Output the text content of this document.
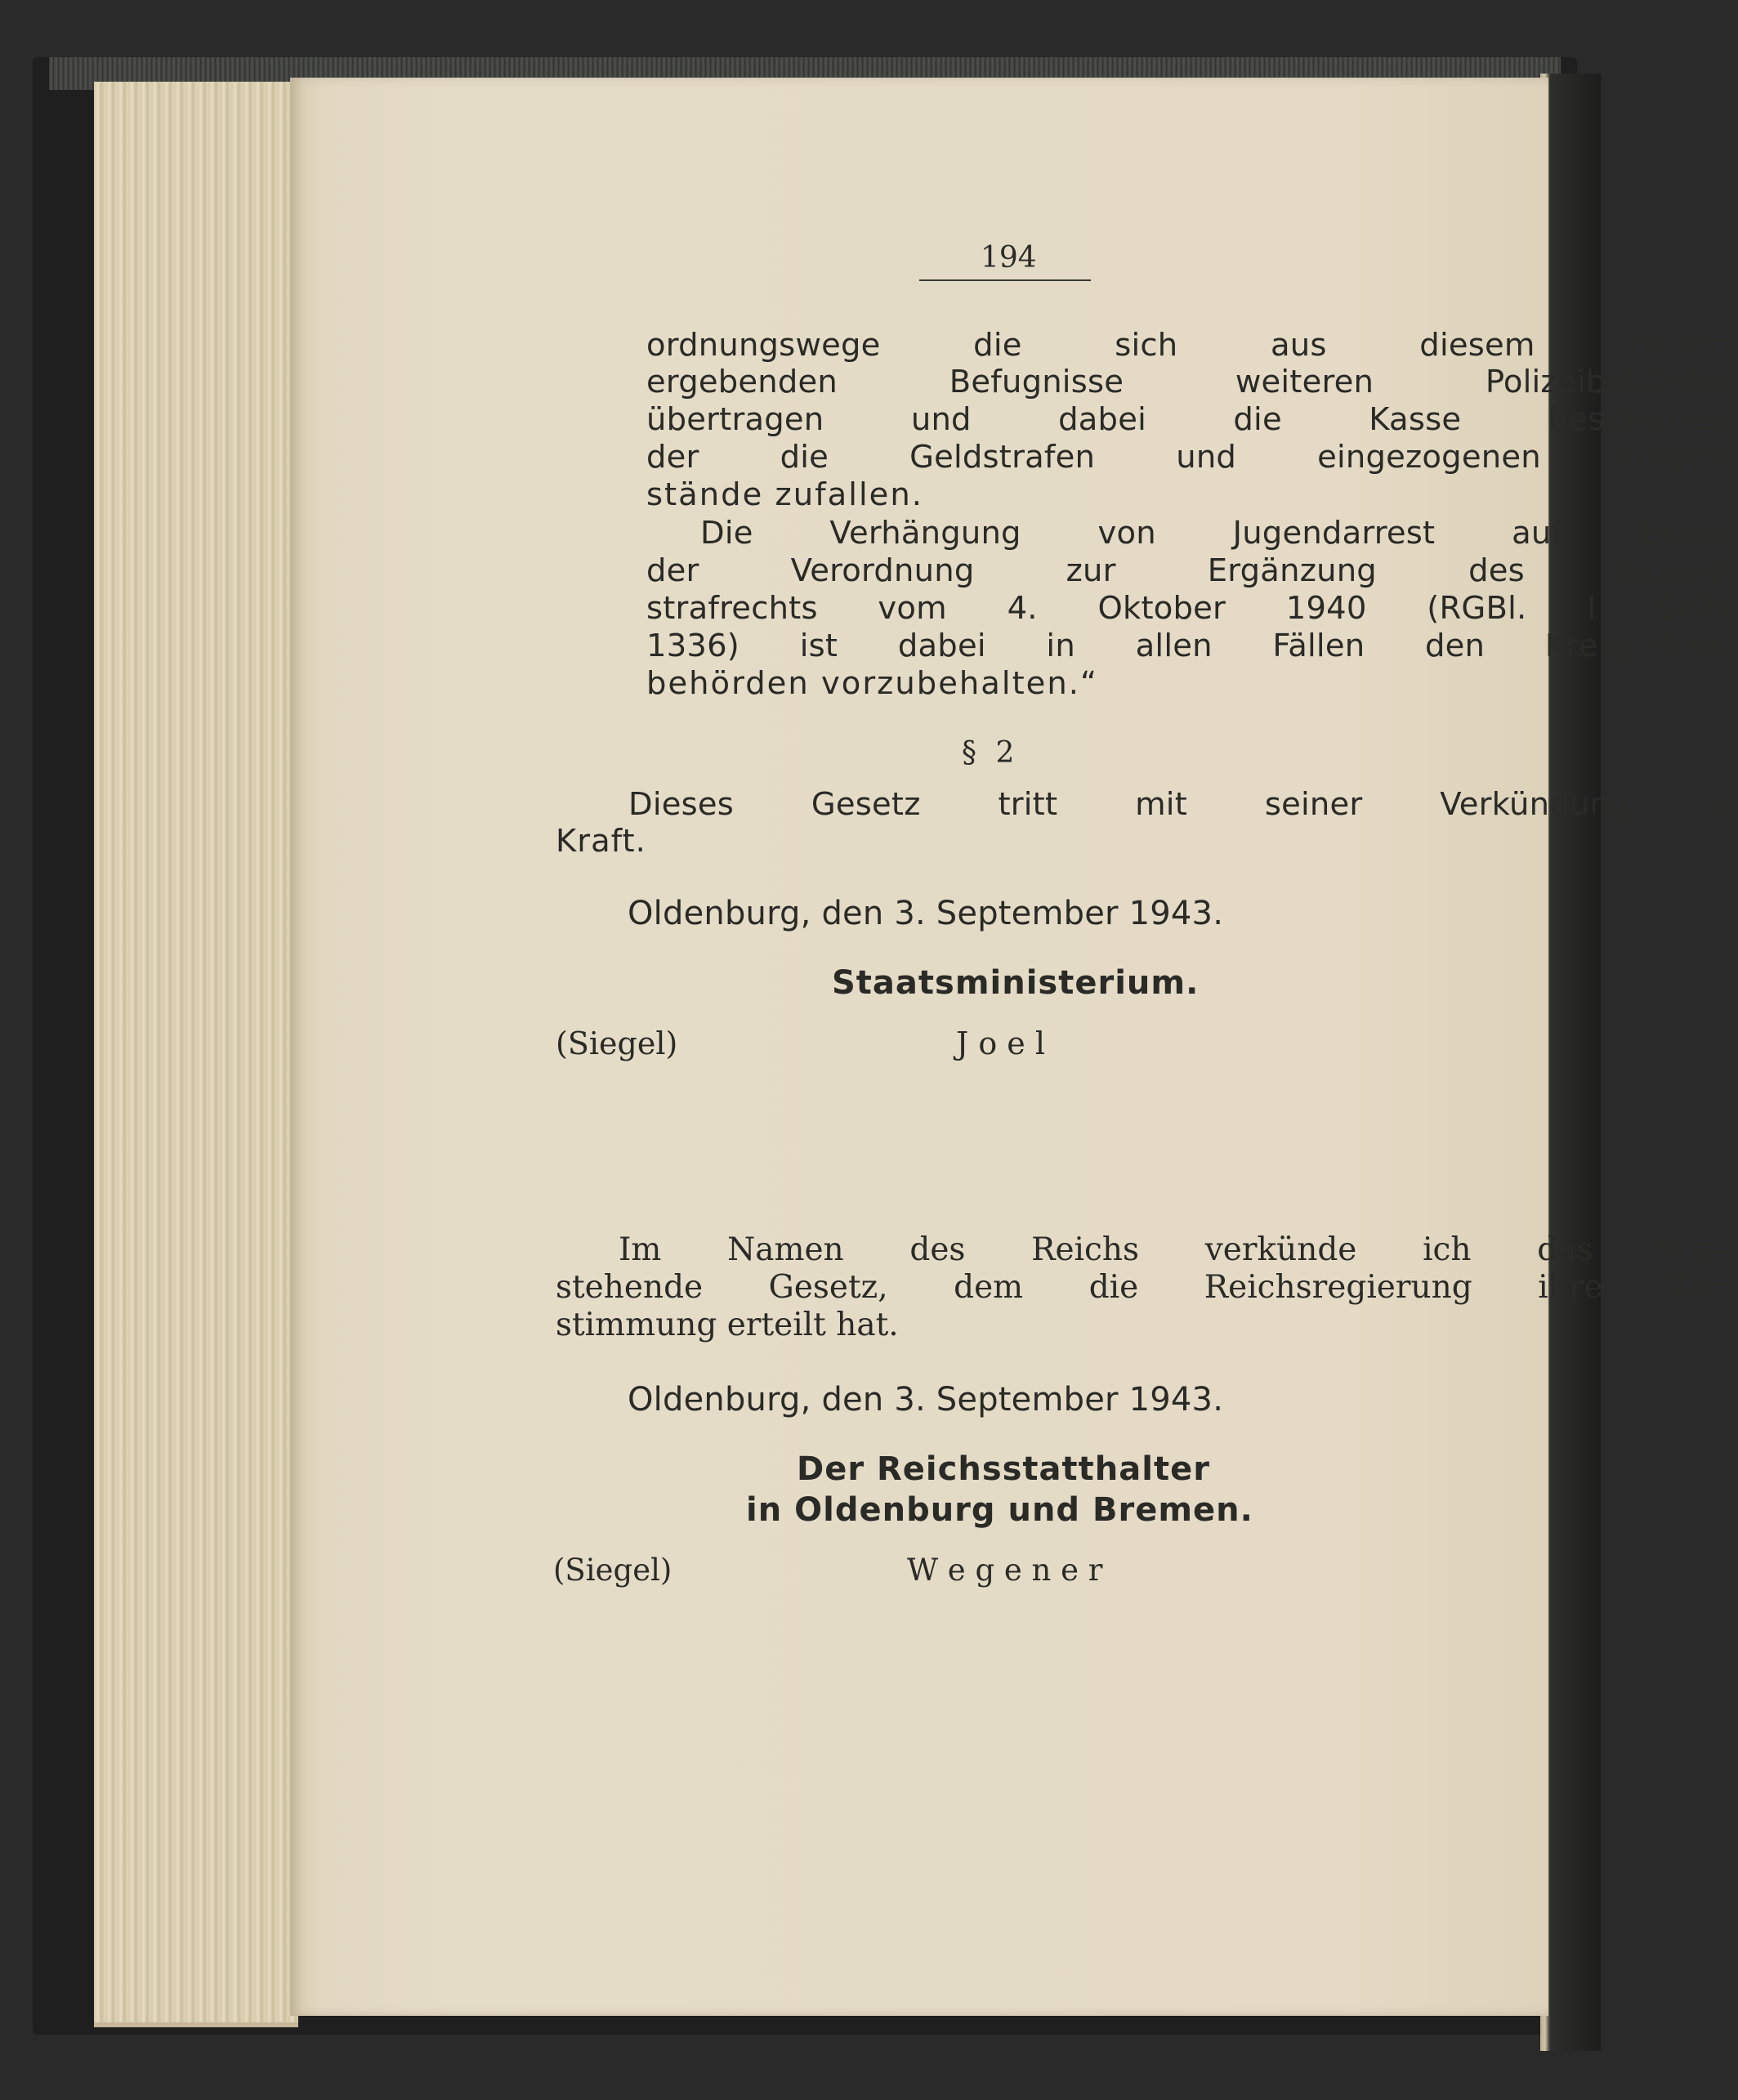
194
ordnungswege die sich aus diesem Gesetz
ergebenden Befugnisse weiteren Polizeibehörden
übertragen und dabei die Kasse bestimmen,
der die Geldstrafen und eingezogenen Gegen-
stände zufallen.
Die Verhängung von Jugendarrest auf Grund
der Verordnung zur Ergänzung des Jugend-
strafrechts vom 4. Oktober 1940 (RGBl. I Seite
1336) ist dabei in allen Fällen den Kreispolizei-
behörden vorzubehalten.“
§ 2
Dieses Gesetz tritt mit seiner Verkündung in
Kraft.
Oldenburg, den 3. September 1943.
Staatsministerium.
(Siegel)	J o e l
Im Namen des Reichs verkünde ich das vor=
stehende Gesetz, dem die Reichsregierung ihre Zu=
stimmung erteilt hat.
Oldenburg, den 3. September 1943.
Der Reichsstatthalter
in Oldenburg und Bremen.
(Siegel)	W e g e n e r
